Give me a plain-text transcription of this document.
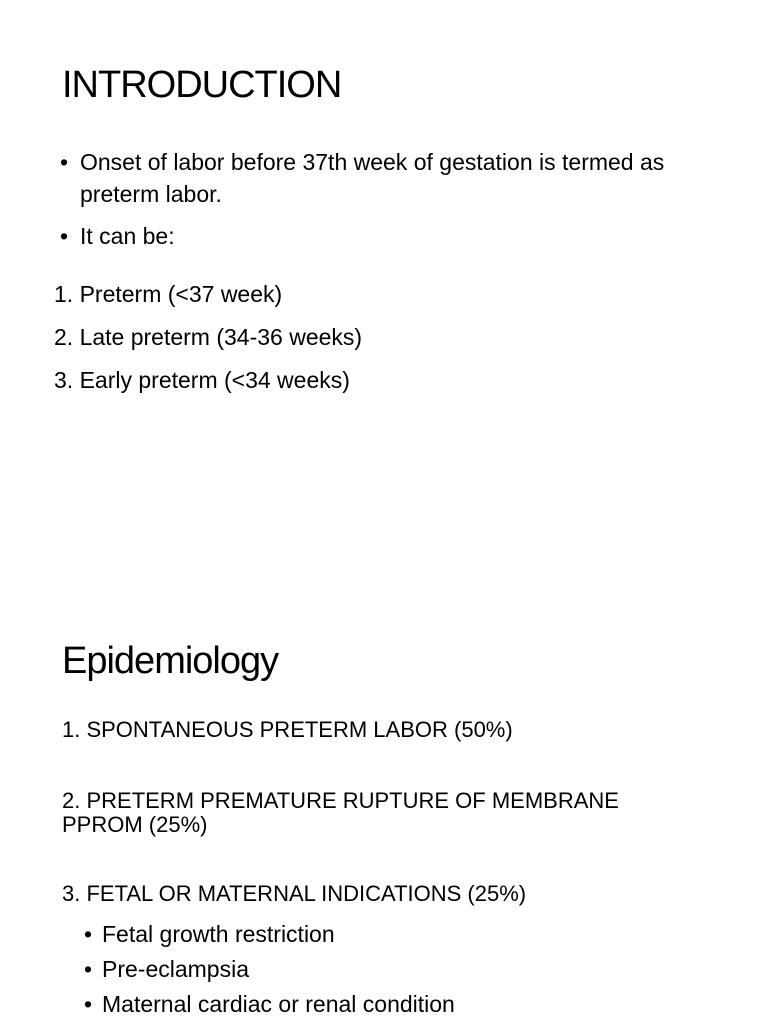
INTRODUCTION
• Onset of labor before 37th week of gestation is termed as preterm labor.
• It can be:
1. Preterm (<37 week)
2. Late preterm (34-36 weeks)
3. Early preterm (<34 weeks)
Epidemiology
1. SPONTANEOUS PRETERM LABOR (50%)
2. PRETERM PREMATURE RUPTURE OF MEMBRANE PPROM (25%)
3. FETAL OR MATERNAL INDICATIONS (25%)
• Fetal growth restriction
• Pre-eclampsia
• Maternal cardiac or renal condition
